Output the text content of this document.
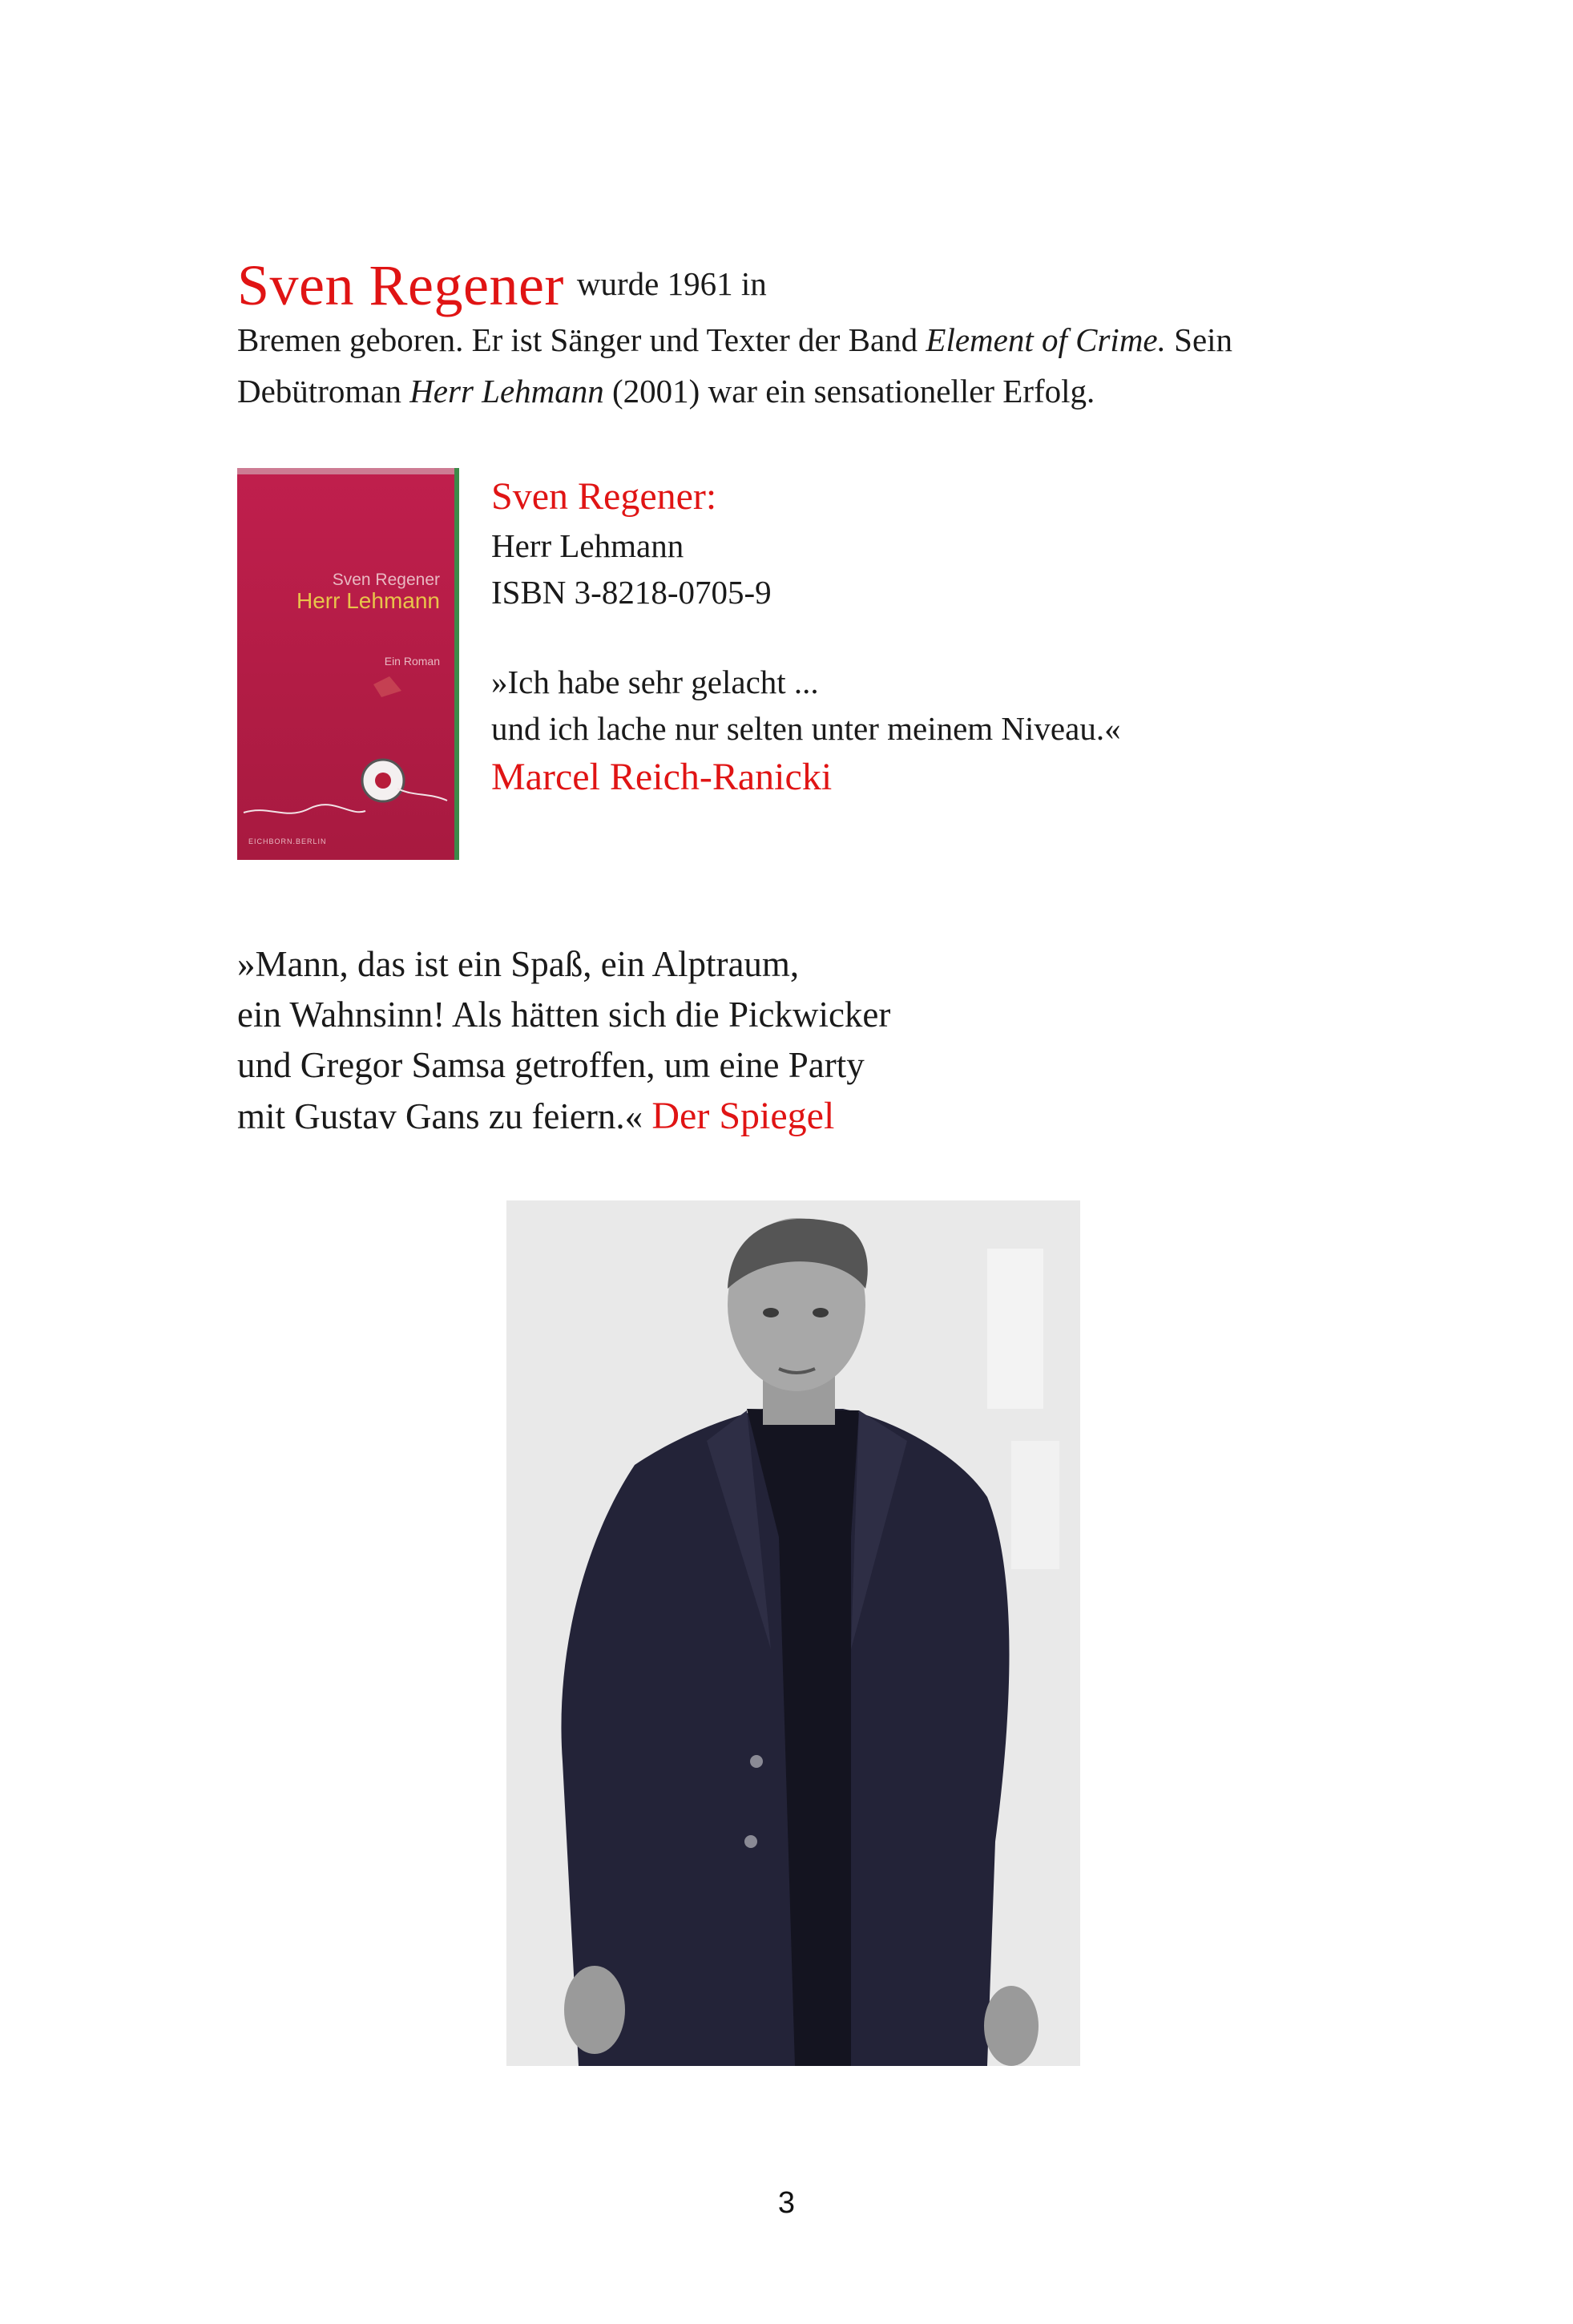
Sven Regener wurde 1961 in
Bremen geboren. Er ist Sänger und Texter der Band Element of Crime. Sein
Debütroman Herr Lehmann (2001) war ein sensationeller Erfolg.
Sven Regener
Herr Lehmann
Ein Roman
EICHBORN.BERLIN
Sven Regener:
Herr Lehmann
ISBN 3-8218-0705-9
»Ich habe sehr gelacht ...
und ich lache nur selten unter meinem Niveau.«
Marcel Reich-Ranicki
»Mann, das ist ein Spaß, ein Alptraum,
ein Wahnsinn! Als hätten sich die Pickwicker
und Gregor Samsa getroffen, um eine Party
mit Gustav Gans zu feiern.« Der Spiegel
3
